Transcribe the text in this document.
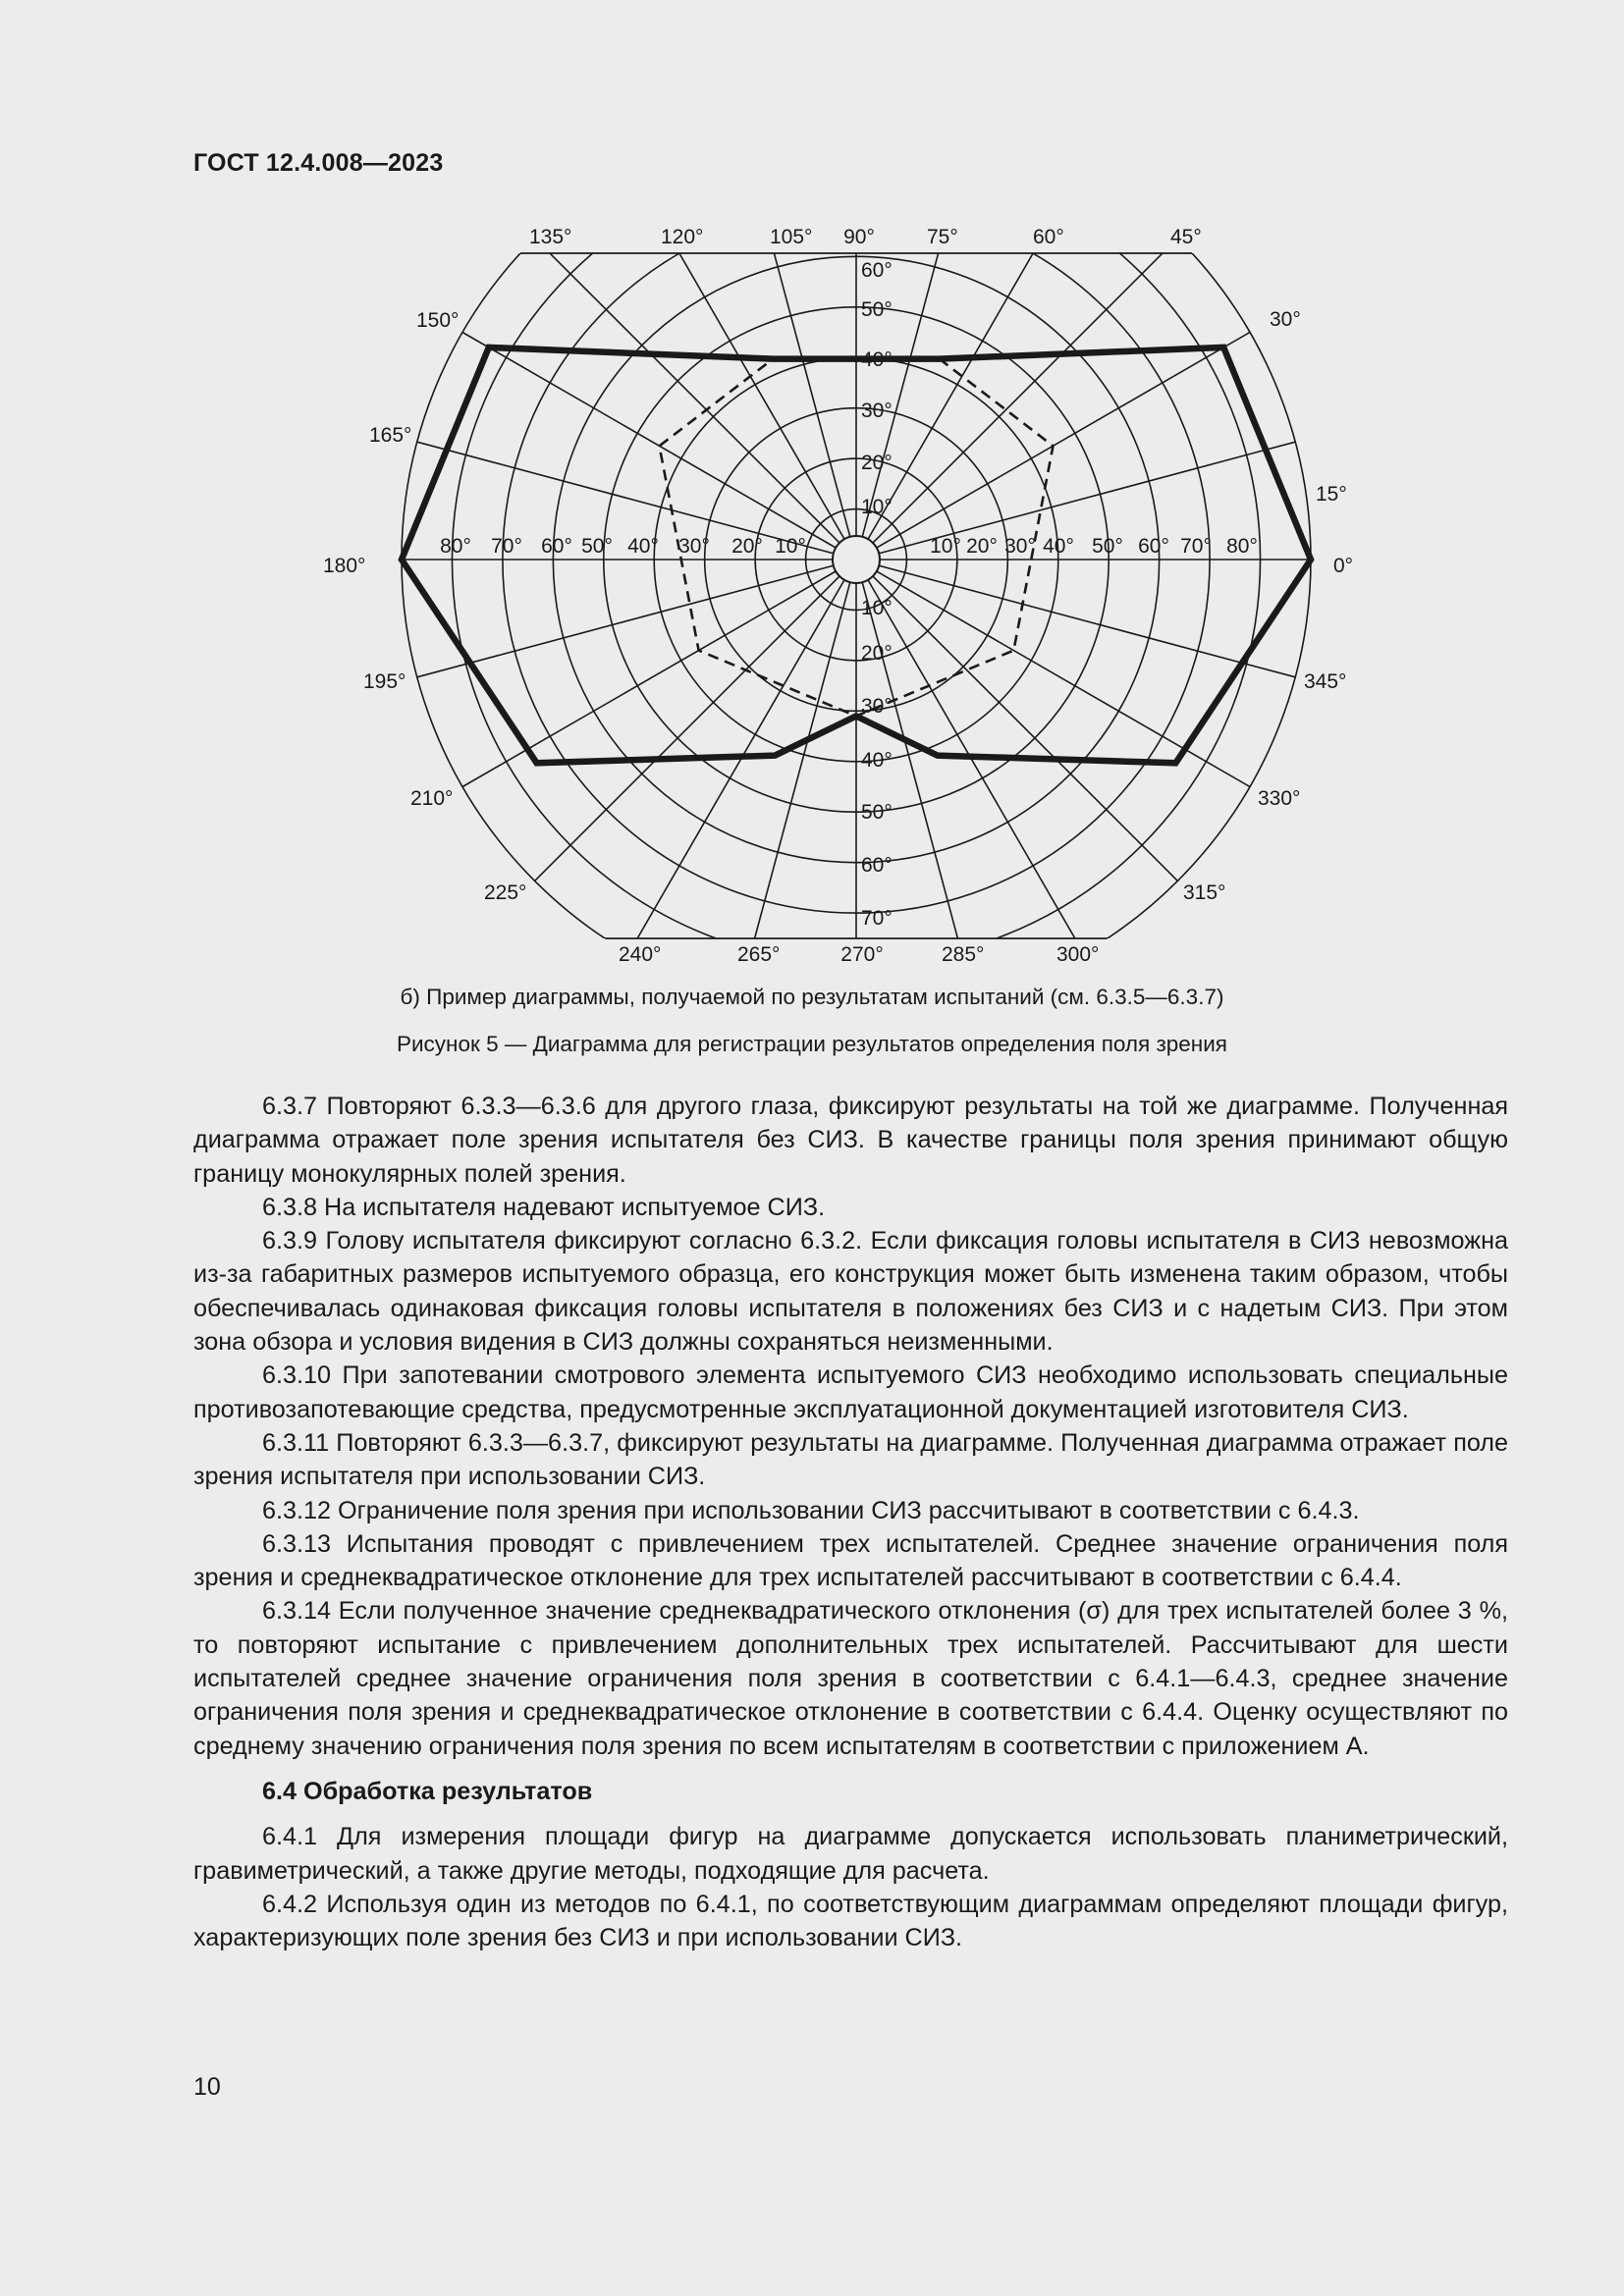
ГОСТ 12.4.008—2023
0°
15°
30°
45°
60°
75°
90°
105°
120°
135°
150°
165°
180°
195°
210°
225°
240°	265°	270°	285°	300°
315°
330°
345°
10°
10°	20°
20°	30°
30°	40°
40°	50°
50°	60°
60°	70°
70°	80°
80°
10°
20°
30°
40°
50°
60°
10°
20°
30°
40°
50°
60°
70°
б) Пример диаграммы, получаемой по результатам испытаний (см. 6.3.5—6.3.7)
Рисунок 5 — Диаграмма для регистрации результатов определения поля зрения

6.3.7 Повторяют 6.3.3—6.3.6 для другого глаза, фиксируют результаты на той же диаграмме. Полученная диаграмма отражает поле зрения испытателя без СИЗ. В качестве границы поля зрения принимают общую границу монокулярных полей зрения.

6.3.8 На испытателя надевают испытуемое СИЗ.

6.3.9 Голову испытателя фиксируют согласно 6.3.2. Если фиксация головы испытателя в СИЗ невозможна из-за габаритных размеров испытуемого образца, его конструкция может быть изменена таким образом, чтобы обеспечивалась одинаковая фиксация головы испытателя в положениях без СИЗ и с надетым СИЗ. При этом зона обзора и условия видения в СИЗ должны сохраняться неизменными.

6.3.10 При запотевании смотрового элемента испытуемого СИЗ необходимо использовать специальные противозапотевающие средства, предусмотренные эксплуатационной документацией изготовителя СИЗ.

6.3.11 Повторяют 6.3.3—6.3.7, фиксируют результаты на диаграмме. Полученная диаграмма отражает поле зрения испытателя при использовании СИЗ.

6.3.12 Ограничение поля зрения при использовании СИЗ рассчитывают в соответствии с 6.4.3.

6.3.13 Испытания проводят с привлечением трех испытателей. Среднее значение ограничения поля зрения и среднеквадратическое отклонение для трех испытателей рассчитывают в соответствии с 6.4.4.

6.3.14 Если полученное значение среднеквадратического отклонения (σ) для трех испытателей более 3 %, то повторяют испытание с привлечением дополнительных трех испытателей. Рассчитывают для шести испытателей среднее значение ограничения поля зрения в соответствии с 6.4.1—6.4.3, среднее значение ограничения поля зрения и среднеквадратическое отклонение в соответствии с 6.4.4. Оценку осуществляют по среднему значению ограничения поля зрения по всем испытателям в соответствии с приложением А.

6.4 Обработка результатов

6.4.1 Для измерения площади фигур на диаграмме допускается использовать планиметрический, гравиметрический, а также другие методы, подходящие для расчета.

6.4.2 Используя один из методов по 6.4.1, по соответствующим диаграммам определяют площади фигур, характеризующих поле зрения без СИЗ и при использовании СИЗ.

10
